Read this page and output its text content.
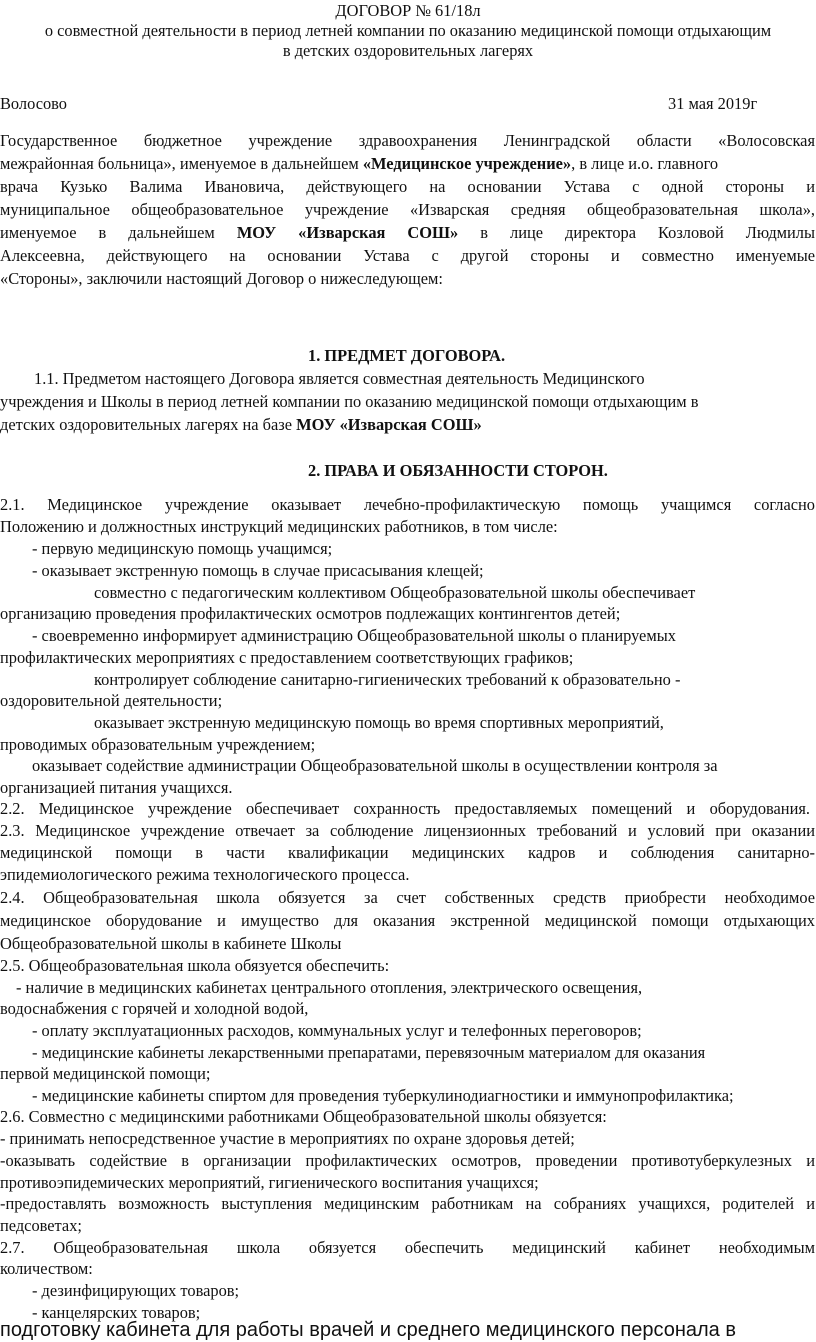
ДОГОВОР № 61/18л
о совместной деятельности в период летней компании по оказанию медицинской помощи отдыхающим
в детских оздоровительных лагерях
Волосово	31 мая 2019г
Государственное бюджетное учреждение здравоохранения Ленинградской области «Волосовская
межрайонная больница», именуемое в дальнейшем «Медицинское учреждение», в лице и.о. главного
врача Кузько Валима Ивановича, действующего на основании Устава с одной стороны и
муниципальное общеобразовательное учреждение «Изварская средняя общеобразовательная школа»,
именуемое в дальнейшем МОУ «Изварская СОШ» в лице директора Козловой Людмилы
Алексеевна, действующего на основании Устава с другой стороны и совместно именуемые
«Стороны», заключили настоящий Договор о нижеследующем:
1. ПРЕДМЕТ ДОГОВОРА.
1.1. Предметом настоящего Договора является совместная деятельность Медицинского
учреждения и Школы в период летней компании по оказанию медицинской помощи отдыхающим в
детских оздоровительных лагерях на базе МОУ «Изварская СОШ»
2. ПРАВА И ОБЯЗАННОСТИ СТОРОН.
2.1. Медицинское учреждение оказывает лечебно-профилактическую помощь учащимся согласно
Положению и должностных инструкций медицинских работников, в том числе:
- первую медицинскую помощь учащимся;
- оказывает экстренную помощь в случае присасывания клещей;
совместно с педагогическим коллективом Общеобразовательной школы обеспечивает
организацию проведения профилактических осмотров подлежащих контингентов детей;
- своевременно информирует администрацию Общеобразовательной школы о планируемых
профилактических мероприятиях с предоставлением соответствующих графиков;
контролирует соблюдение санитарно-гигиенических требований к образовательно -
оздоровительной деятельности;
оказывает экстренную медицинскую помощь во время спортивных мероприятий,
проводимых образовательным учреждением;
оказывает содействие администрации Общеобразовательной школы в осуществлении контроля за
организацией питания учащихся.
2.2. Медицинское учреждение обеспечивает сохранность предоставляемых помещений и оборудования.
2.3. Медицинское учреждение отвечает за соблюдение лицензионных требований и условий при оказании
медицинской помощи в части квалификации медицинских кадров и соблюдения санитарно-
эпидемиологического режима технологического процесса.
2.4. Общеобразовательная школа обязуется за счет собственных средств приобрести необходимое
медицинское оборудование и имущество для оказания экстренной медицинской помощи отдыхающих
Общеобразовательной школы в кабинете Школы
2.5. Общеобразовательная школа обязуется обеспечить:
- наличие в медицинских кабинетах центрального отопления, электрического освещения,
водоснабжения с горячей и холодной водой,
- оплату эксплуатационных расходов, коммунальных услуг и телефонных переговоров;
- медицинские кабинеты лекарственными препаратами, перевязочным материалом для оказания
первой медицинской помощи;
- медицинские кабинеты спиртом для проведения туберкулинодиагностики и иммунопрофилактика;
2.6. Совместно с медицинскими работниками Общеобразовательной школы обязуется:
- принимать непосредственное участие в мероприятиях по охране здоровья детей;
-оказывать содействие в организации профилактических осмотров, проведении противотуберкулезных и
противоэпидемических мероприятий, гигиенического воспитания учащихся;
-предоставлять возможность выступления медицинским работникам на собраниях учащихся, родителей и
педсоветах;
2.7. Общеобразовательная школа обязуется обеспечить медицинский кабинет необходимым
количеством:
- дезинфицирующих товаров;
- канцелярских товаров;
подготовку кабинета для работы врачей и среднего медицинского персонала в
